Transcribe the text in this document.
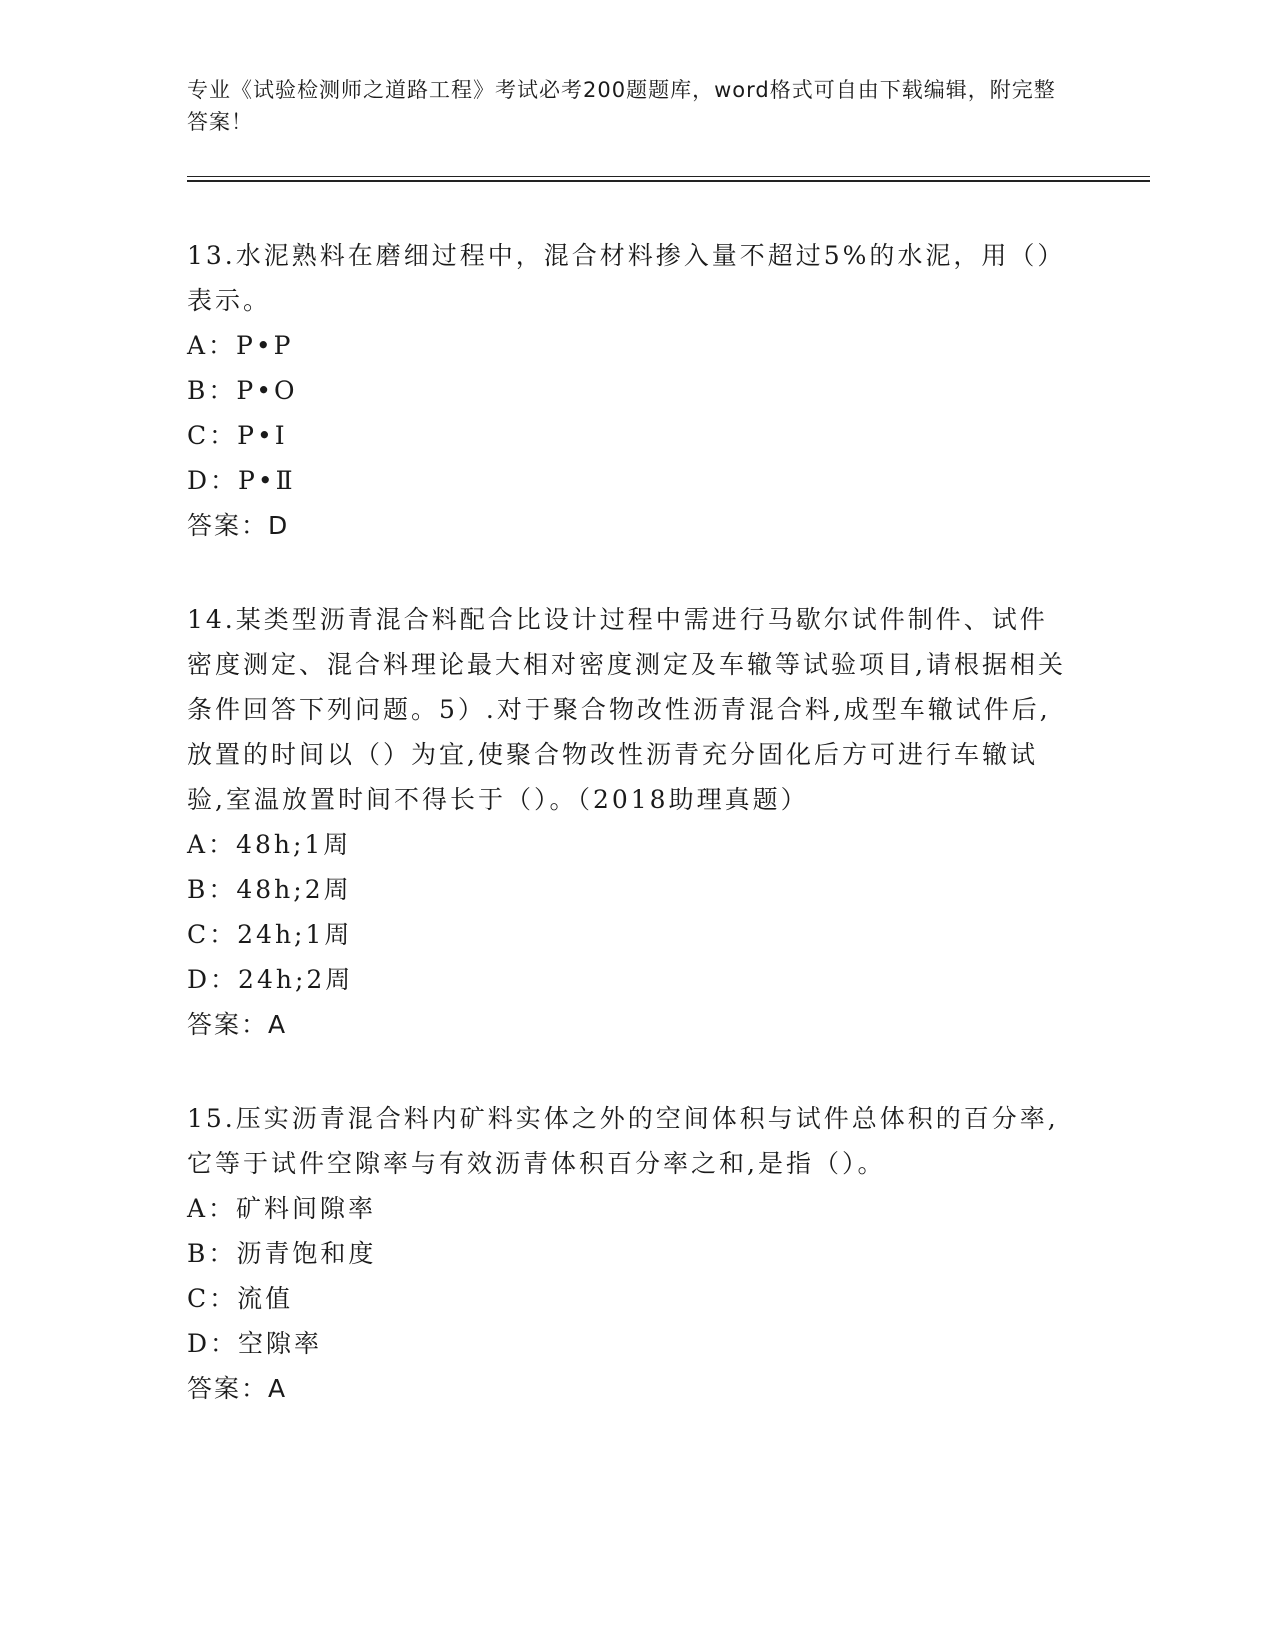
专业《试验检测师之道路工程》考试必考200题题库，word格式可自由下载编辑，附完整答案！

13.水泥熟料在磨细过程中，混合材料掺入量不超过5%的水泥，用（）表示。

A：P•P

B：P•O

C：P•Ⅰ

D：P•Ⅱ

答案：D

14.某类型沥青混合料配合比设计过程中需进行马歇尔试件制件、试件密度测定、混合料理论最大相对密度测定及车辙等试验项目,请根据相关条件回答下列问题。5）.对于聚合物改性沥青混合料,成型车辙试件后,放置的时间以（）为宜,使聚合物改性沥青充分固化后方可进行车辙试验,室温放置时间不得长于（）。（2018助理真题）

A：48h;1周

B：48h;2周

C：24h;1周

D：24h;2周

答案：A

15.压实沥青混合料内矿料实体之外的空间体积与试件总体积的百分率,它等于试件空隙率与有效沥青体积百分率之和,是指（）。

A：矿料间隙率

B：沥青饱和度

C：流值

D：空隙率

答案：A
